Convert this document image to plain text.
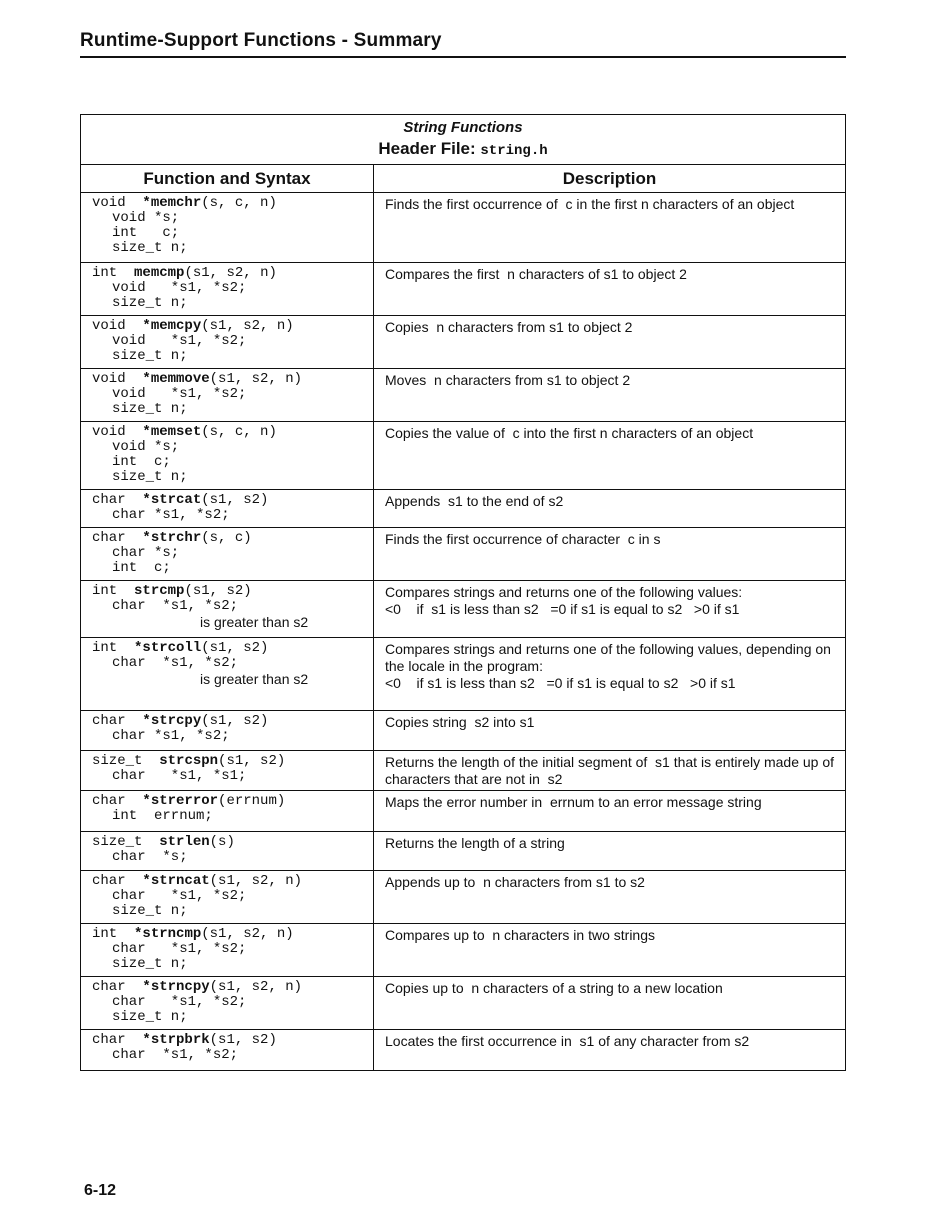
Runtime-Support Functions - Summary
String Functions
Header File: string.h
Function and Syntax	Description
void *memchr(s, c, n)
void *s;
int   c;
size_t n;
Finds the first occurrence of  c in the first n characters of an object
int memcmp(s1, s2, n)
void   *s1, *s2;
size_t n;
Compares the first  n characters of s1 to object 2
void *memcpy(s1, s2, n)
void   *s1, *s2;
size_t n;
Copies  n characters from s1 to object 2
void *memmove(s1, s2, n)
void   *s1, *s2;
size_t n;
Moves  n characters from s1 to object 2
void *memset(s, c, n)
void *s;
int  c;
size_t n;
Copies the value of  c into the first n characters of an object
char *strcat(s1, s2)
char *s1, *s2;
Appends  s1 to the end of s2
char *strchr(s, c)
char *s;
int  c;
Finds the first occurrence of character  c in s
int strcmp(s1, s2)
char  *s1, *s2;
is greater than s2
Compares strings and returns one of the following values:
<0    if  s1 is less than s2   =0 if s1 is equal to s2   >0 if s1
int *strcoll(s1, s2)
char  *s1, *s2;
is greater than s2
Compares strings and returns one of the following values, depending on the locale in the program:
<0    if s1 is less than s2   =0 if s1 is equal to s2   >0 if s1
char *strcpy(s1, s2)
char *s1, *s2;
Copies string  s2 into s1
size_t strcspn(s1, s2)
char   *s1, *s1;
Returns the length of the initial segment of  s1 that is entirely made up of characters that are not in  s2
char *strerror(errnum)
int  errnum;
Maps the error number in  errnum to an error message string
size_t strlen(s)
char  *s;
Returns the length of a string
char *strncat(s1, s2, n)
char   *s1, *s2;
size_t n;
Appends up to  n characters from s1 to s2
int *strncmp(s1, s2, n)
char   *s1, *s2;
size_t n;
Compares up to  n characters in two strings
char *strncpy(s1, s2, n)
char   *s1, *s2;
size_t n;
Copies up to  n characters of a string to a new location
char *strpbrk(s1, s2)
char  *s1, *s2;
Locates the first occurrence in  s1 of any character from s2
6-12
